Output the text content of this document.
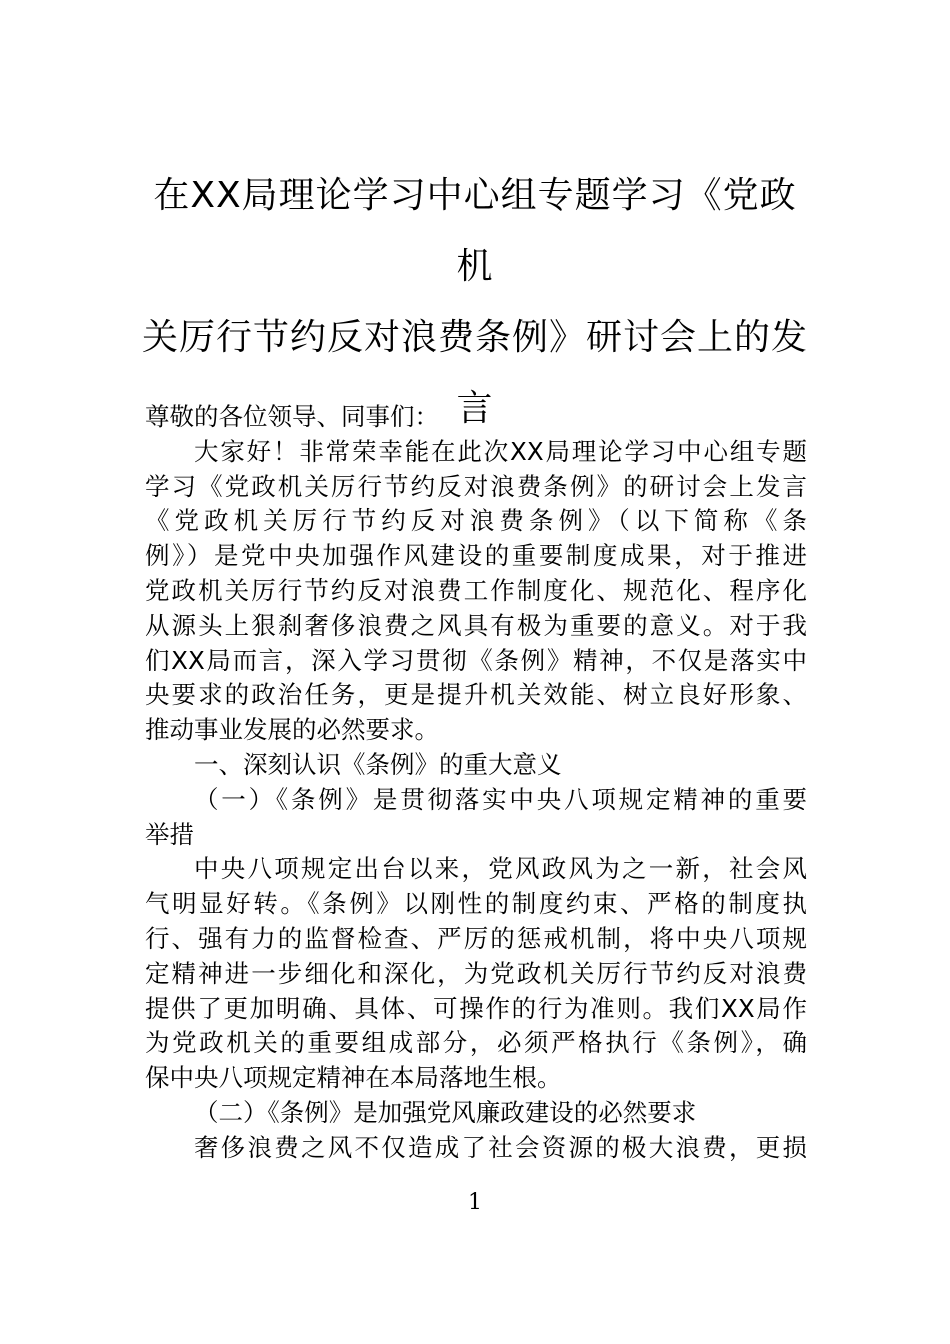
在XX局理论学习中心组专题学习《党政机
关厉行节约反对浪费条例》研讨会上的发
言
尊敬的各位领导、同事们：
大家好！非常荣幸能在此次XX局理论学习中心组专题
学习《党政机关厉行节约反对浪费条例》的研讨会上发言
《党政机关厉行节约反对浪费条例》（以下简称《条
例》）是党中央加强作风建设的重要制度成果，对于推进
党政机关厉行节约反对浪费工作制度化、规范化、程序化
从源头上狠刹奢侈浪费之风具有极为重要的意义。对于我
们XX局而言，深入学习贯彻《条例》精神，不仅是落实中
央要求的政治任务，更是提升机关效能、树立良好形象、
推动事业发展的必然要求。
一、深刻认识《条例》的重大意义
（一）《条例》是贯彻落实中央八项规定精神的重要
举措
中央八项规定出台以来，党风政风为之一新，社会风
气明显好转。《条例》以刚性的制度约束、严格的制度执
行、强有力的监督检查、严厉的惩戒机制，将中央八项规
定精神进一步细化和深化，为党政机关厉行节约反对浪费
提供了更加明确、具体、可操作的行为准则。我们XX局作
为党政机关的重要组成部分，必须严格执行《条例》，确
保中央八项规定精神在本局落地生根。
（二）《条例》是加强党风廉政建设的必然要求
奢侈浪费之风不仅造成了社会资源的极大浪费，更损
1
